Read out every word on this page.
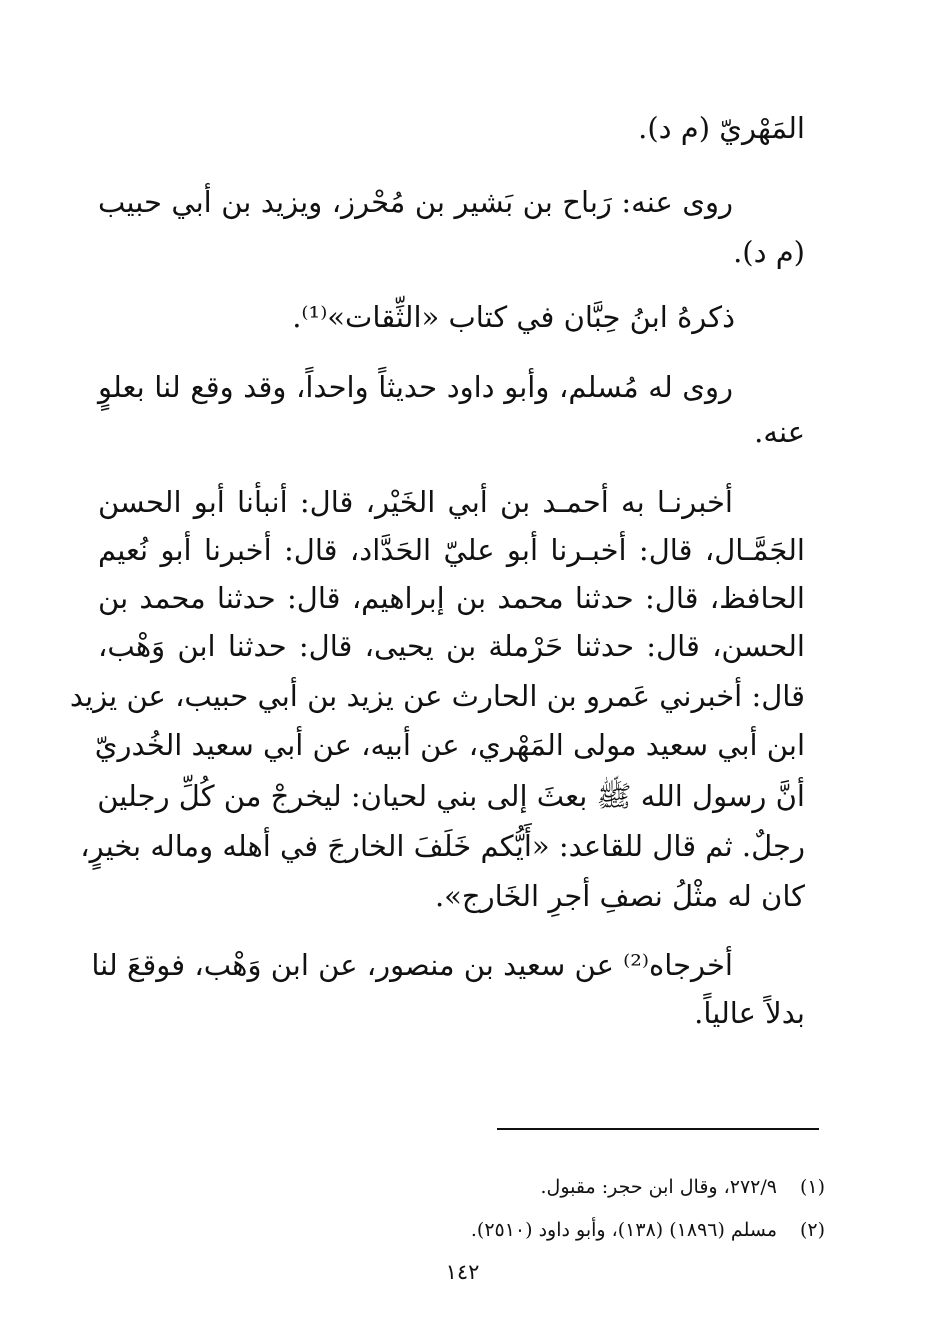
المَهْريّ (م د).
روى عنه: رَباح بن بَشير بن مُحْرز، ويزيد بن أبي حبيب
(م د).
ذكرهُ ابنُ حِبَّان في كتاب «الثِّقات»⁽¹⁾.
روى له مُسلم، وأبو داود حديثاً واحداً، وقد وقع لنا بعلوٍ
عنه.
أخبرنـا به أحمـد بن أبي الخَيْر، قال: أنبأنا أبو الحسن
الجَمَّـال، قال: أخبـرنا أبو عليّ الحَدَّاد، قال: أخبرنا أبو نُعيم
الحافظ، قال: حدثنا محمد بن إبراهيم، قال: حدثنا محمد بن
الحسن، قال: حدثنا حَرْملة بن يحيى، قال: حدثنا ابن وَهْب،
قال: أخبرني عَمرو بن الحارث عن يزيد بن أبي حبيب، عن يزيد
ابن أبي سعيد مولى المَهْري، عن أبيه، عن أبي سعيد الخُدريّ
أنَّ رسول الله ﷺ بعثَ إلى بني لحيان: ليخرجْ من كُلِّ رجلين
رجلٌ. ثم قال للقاعد: «أَيُّكم خَلَفَ الخارجَ في أهله وماله بخيرٍ،
كان له مثْلُ نصفِ أجرِ الخَارج».
أخرجاه⁽²⁾ عن سعيد بن منصور، عن ابن وَهْب، فوقعَ لنا
بدلاً عالياً.
(١)٢٧٢/٩، وقال ابن حجر: مقبول.
(٢)مسلم (١٨٩٦) (١٣٨)، وأبو داود (٢٥١٠).
١٤٢
